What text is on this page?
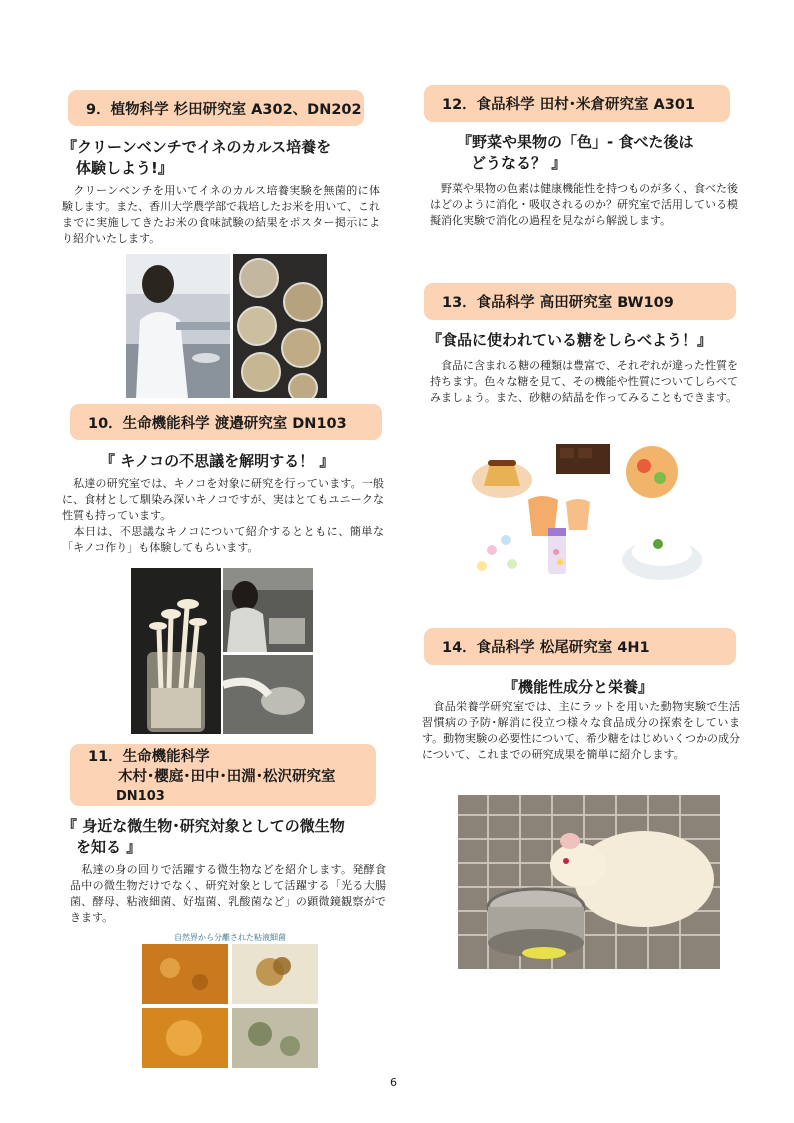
9．植物科学 杉田研究室 A302、DN202
『クリーンベンチでイネのカルス培養を
体験しよう!』

　クリーンベンチを用いてイネのカルス培養実験を無菌的に体験します。また、香川大学農学部で栽培したお米を用いて、これまでに実施してきたお米の食味試験の結果をポスター掲示により紹介いたします。

10．生命機能科学 渡邉研究室 DN103

『 キノコの不思議を解明する！ 』

　私達の研究室では、キノコを対象に研究を行っています。一般に、食材として馴染み深いキノコですが、実はとてもユニークな性質も持っています。

　本日は、不思議なキノコについて紹介するとともに、簡単な「キノコ作り」も体験してもらいます。

11．生命機能科学
木村･櫻庭･田中･田淵･松沢研究室
DN103
『 身近な微生物･研究対象としての微生物
を知る 』

　私達の身の回りで活躍する微生物などを紹介します。発酵食品中の微生物だけでなく、研究対象として活躍する「光る大腸菌、酵母、粘液細菌、好塩菌、乳酸菌など」の顕微鏡観察ができます。

自然界から分離された粘液細菌
12．食品科学 田村･米倉研究室 A301
『野菜や果物の「色」- 食べた後は
どうなる？ 』

　野菜や果物の色素は健康機能性を持つものが多く、食べた後はどのように消化・吸収されるのか？研究室で活用している模擬消化実験で消化の過程を見ながら解説します。

13．食品科学 高田研究室 BW109

『食品に使われている糖をしらべよう！』

　食品に含まれる糖の種類は豊富で、それぞれが違った性質を持ちます。色々な糖を見て、その機能や性質についてしらべてみましょう。また、砂糖の結晶を作ってみることもできます。

14．食品科学 松尾研究室 4H1

『機能性成分と栄養』

　食品栄養学研究室では、主にラットを用いた動物実験で生活習慣病の予防･解消に役立つ様々な食品成分の探索をしています。動物実験の必要性について、希少糖をはじめいくつかの成分について、これまでの研究成果を簡単に紹介します。

6
